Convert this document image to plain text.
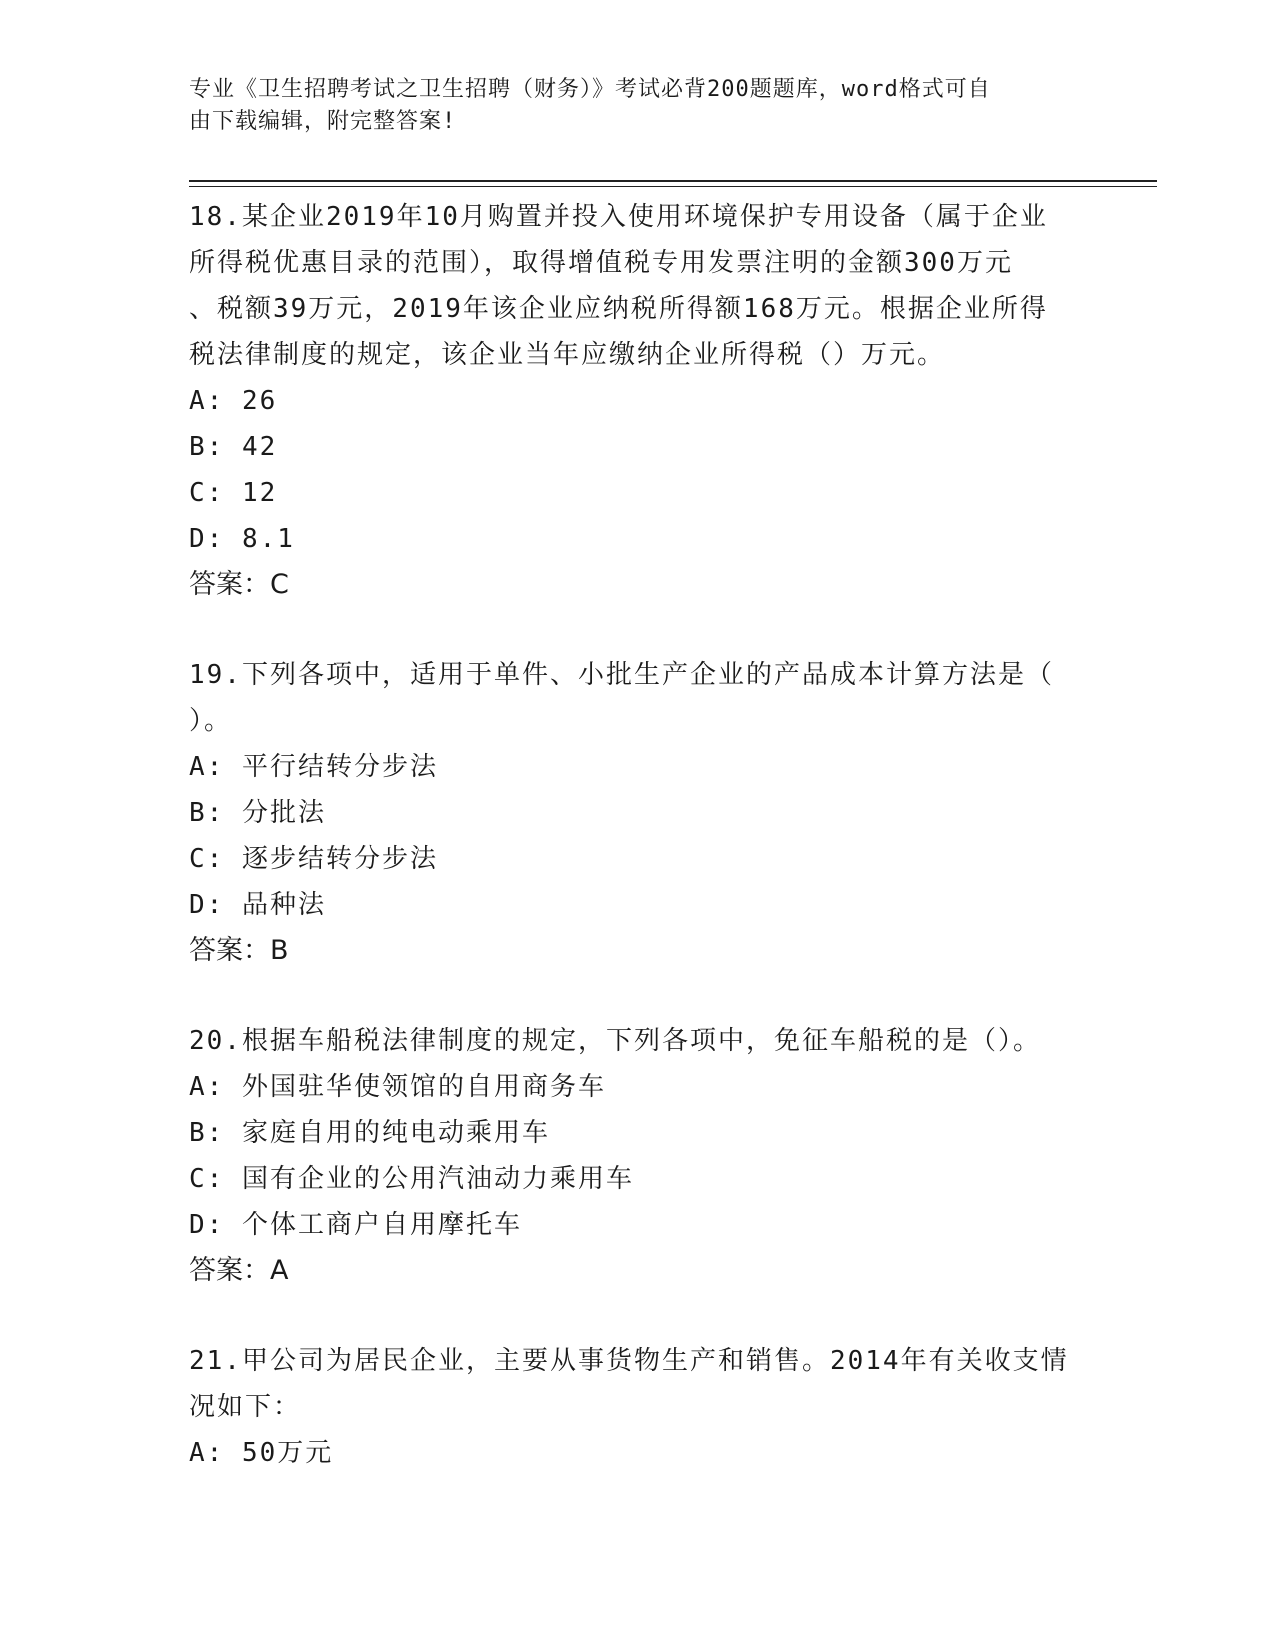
专业《卫生招聘考试之卫生招聘（财务）》考试必背200题题库，word格式可自
由下载编辑，附完整答案!
18.某企业2019年10月购置并投入使用环境保护专用设备（属于企业
所得税优惠目录的范围），取得增值税专用发票注明的金额300万元
、税额39万元，2019年该企业应纳税所得额168万元。根据企业所得
税法律制度的规定，该企业当年应缴纳企业所得税（）万元。
A: 26
B: 42
C: 12
D: 8.1
答案：C
19.下列各项中，适用于单件、小批生产企业的产品成本计算方法是（
）。
A: 平行结转分步法
B: 分批法
C: 逐步结转分步法
D: 品种法
答案：B
20.根据车船税法律制度的规定，下列各项中，免征车船税的是（）。
A: 外国驻华使领馆的自用商务车
B: 家庭自用的纯电动乘用车
C: 国有企业的公用汽油动力乘用车
D: 个体工商户自用摩托车
答案：A
21.甲公司为居民企业，主要从事货物生产和销售。2014年有关收支情
况如下：
A: 50万元
